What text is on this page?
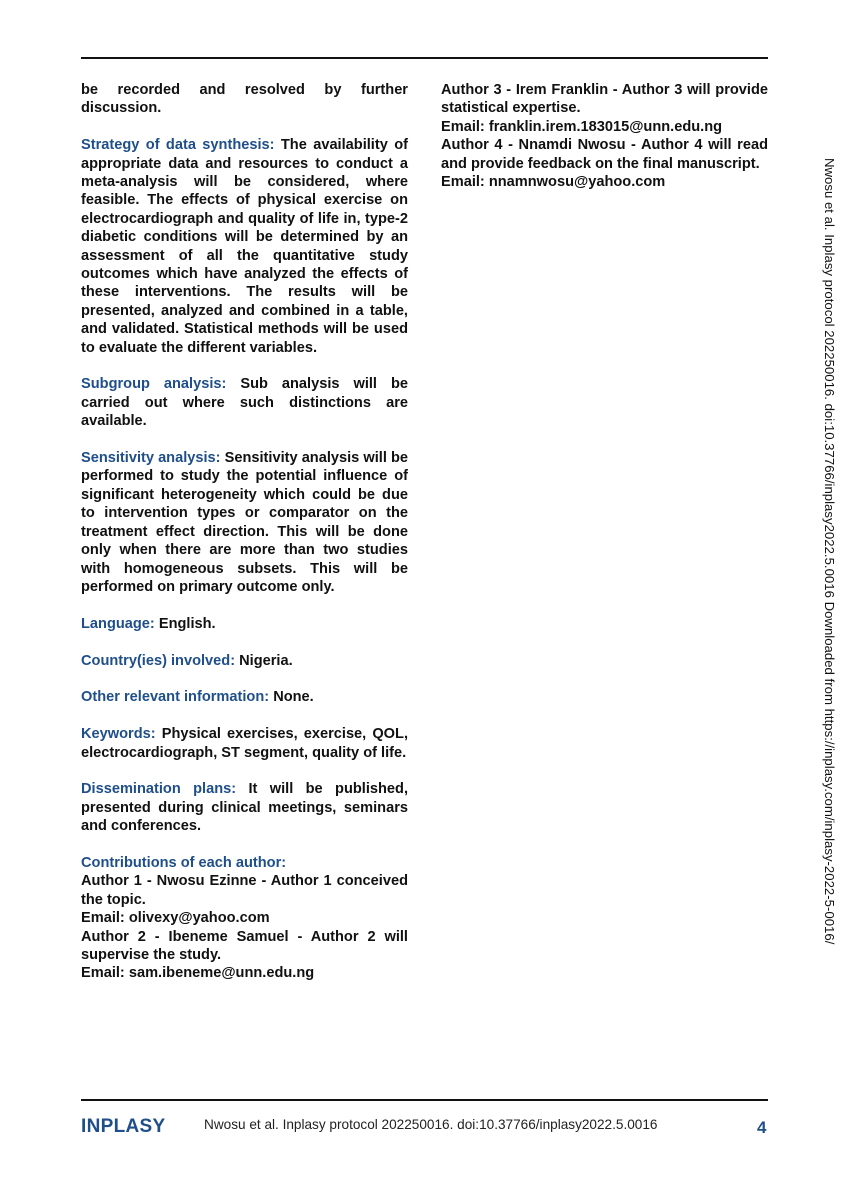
be recorded and resolved by further discussion.

Strategy of data synthesis: The availability of appropriate data and resources to conduct a meta-analysis will be considered, where feasible. The effects of physical exercise on electrocardiograph and quality of life in, type-2 diabetic conditions will be determined by an assessment of all the quantitative study outcomes which have analyzed the effects of these interventions. The results will be presented, analyzed and combined in a table, and validated. Statistical methods will be used to evaluate the different variables.

Subgroup analysis: Sub analysis will be carried out where such distinctions are available.

Sensitivity analysis: Sensitivity analysis will be performed to study the potential influence of significant heterogeneity which could be due to intervention types or comparator on the treatment effect direction. This will be done only when there are more than two studies with homogeneous subsets. This will be performed on primary outcome only.

Language: English.

Country(ies) involved: Nigeria.

Other relevant information: None.

Keywords: Physical exercises, exercise, QOL, electrocardiograph, ST segment, quality of life.

Dissemination plans: It will be published, presented during clinical meetings, seminars and conferences.

Contributions of each author:
Author 1 - Nwosu Ezinne - Author 1 conceived the topic.
Email: olivexy@yahoo.com
Author 2 - Ibeneme Samuel - Author 2 will supervise the study.
Email: sam.ibeneme@unn.edu.ng

Author 3 - Irem Franklin - Author 3 will provide statistical expertise.
Email: franklin.irem.183015@unn.edu.ng
Author 4 - Nnamdi Nwosu - Author 4 will read and provide feedback on the final manuscript.
Email: nnamnwosu@yahoo.com	Nwosu et al. Inplasy protocol 202250016. doi:10.37766/inplasy2022.5.0016 Downloaded from https://inplasy.com/inplasy-2022-5-0016/
INPLASY	Nwosu et al. Inplasy protocol 202250016. doi:10.37766/inplasy2022.5.0016	4
